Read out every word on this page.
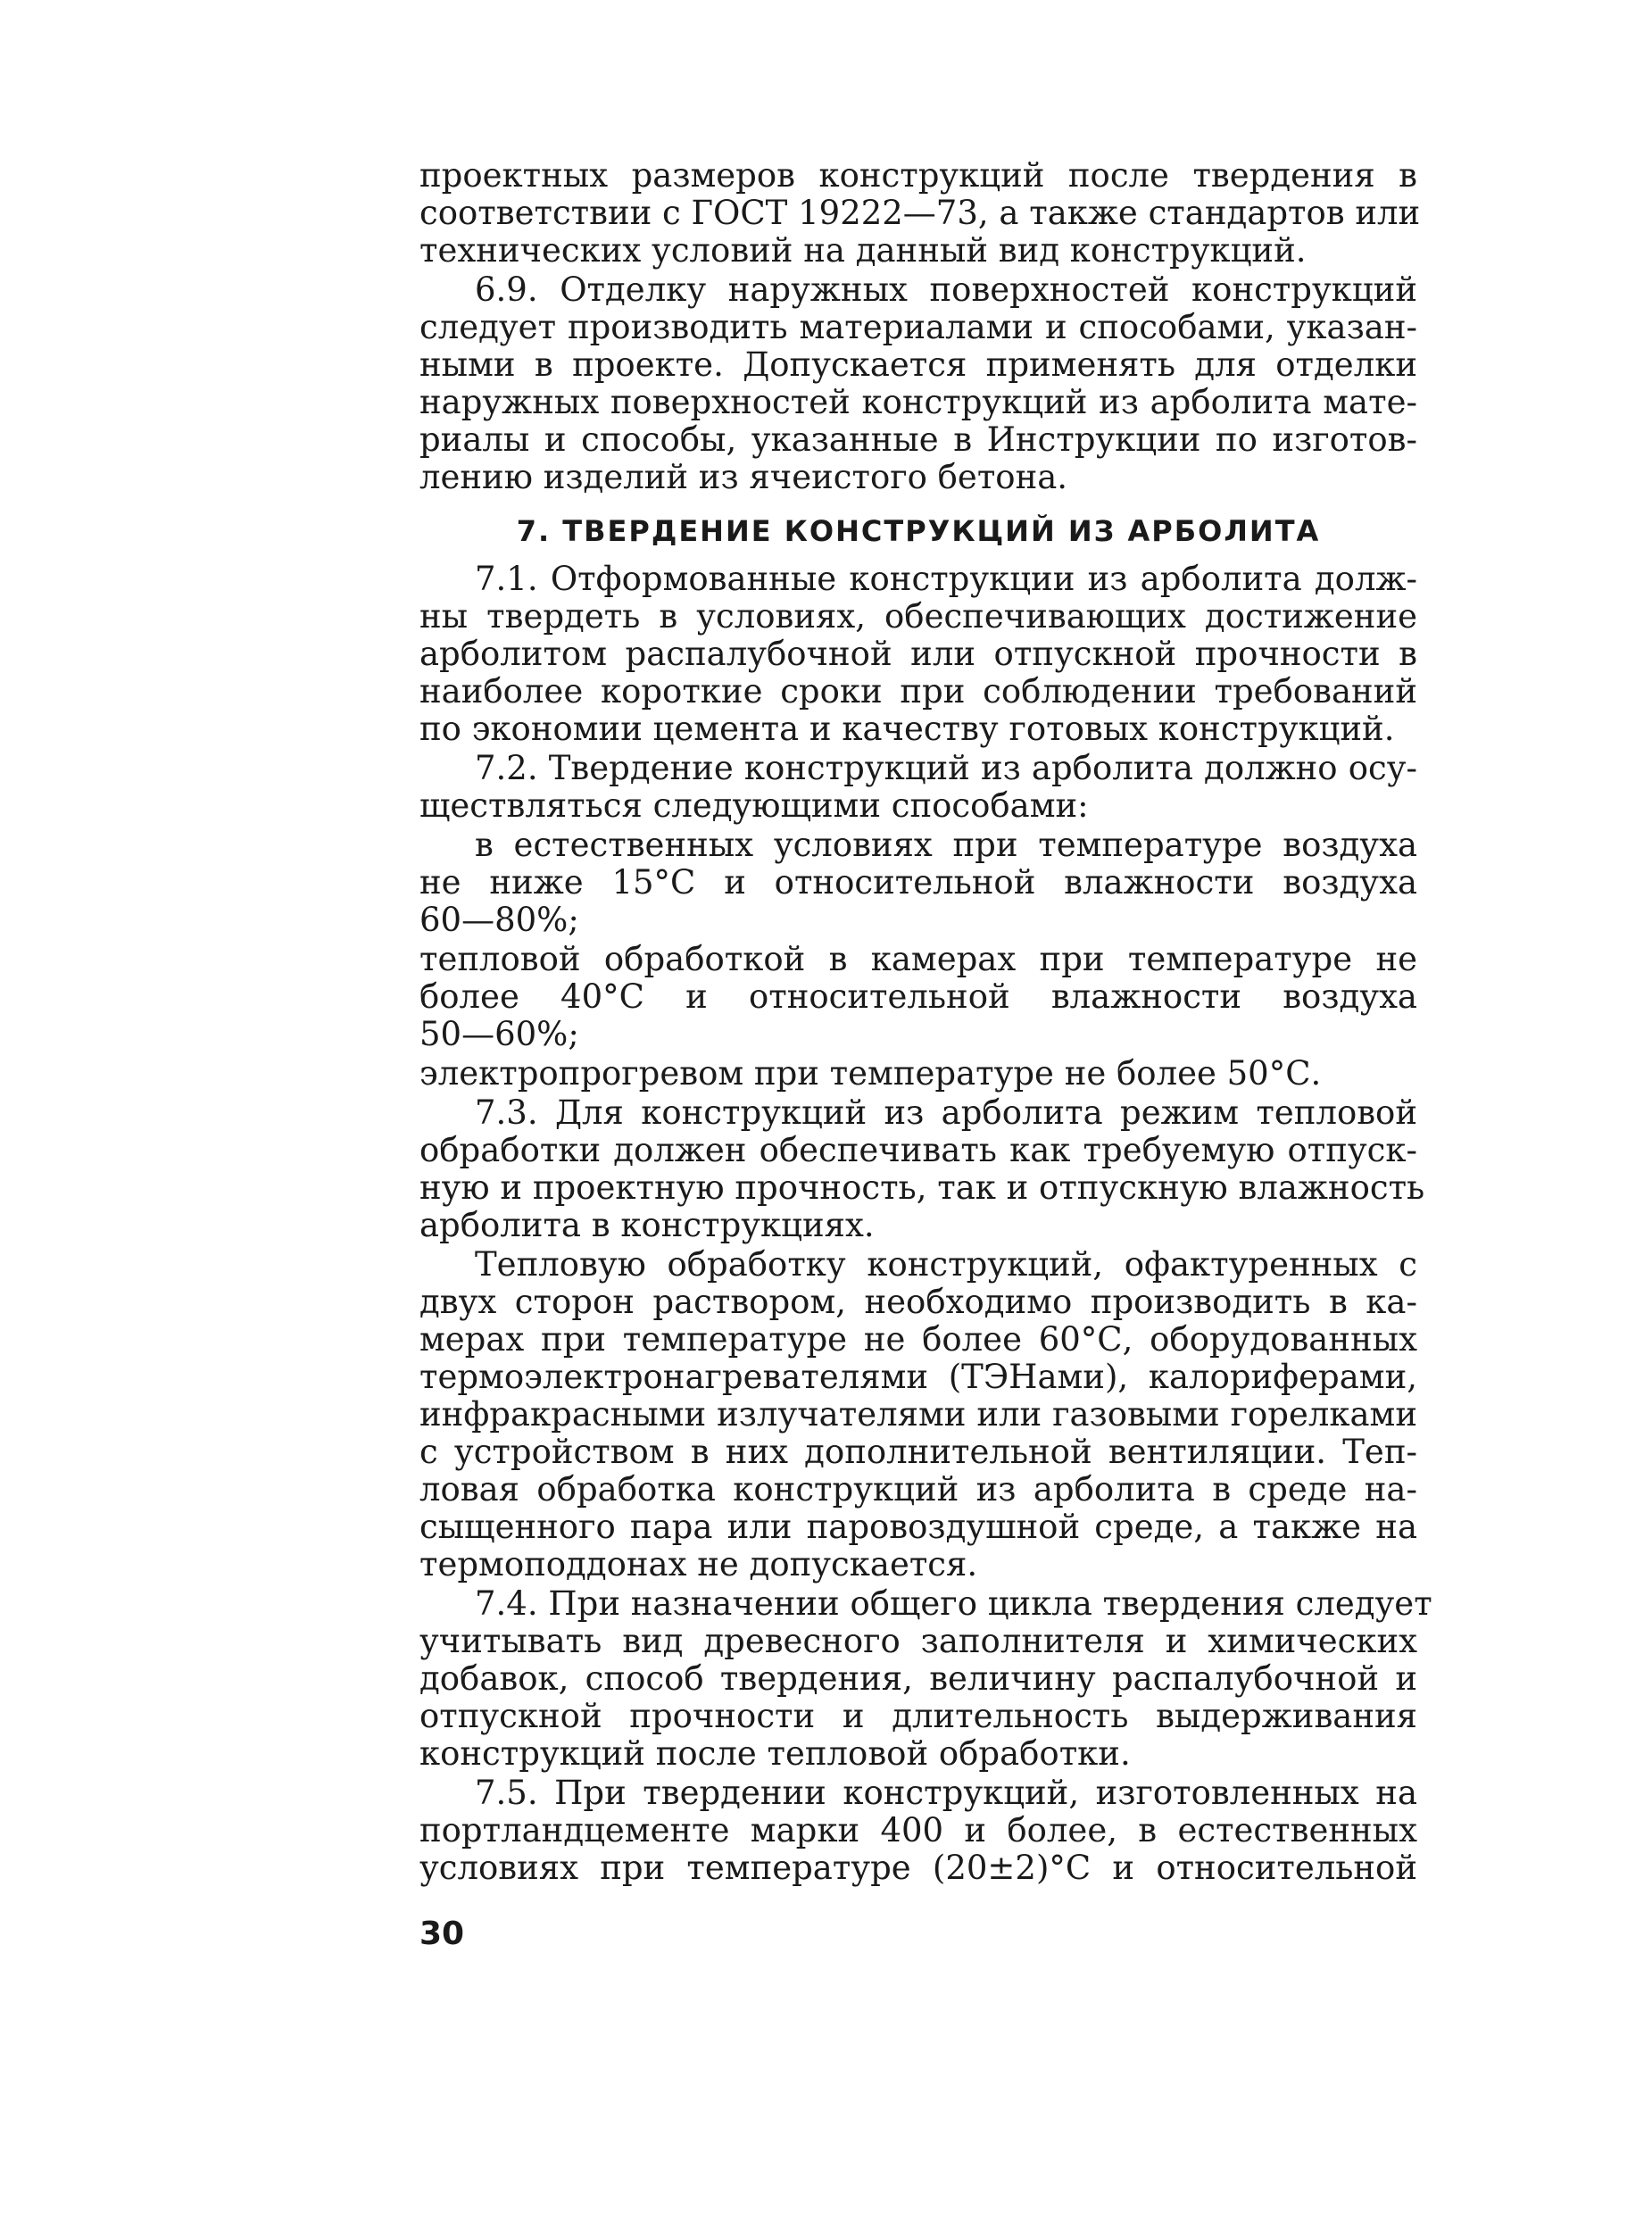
проектных размеров конструкций после твердения в
соответствии с ГОСТ 19222—73, а также стандартов или
технических условий на данный вид конструкций.
6.9. Отделку наружных поверхностей конструкций
следует производить материалами и способами, указан-
ными в проекте. Допускается применять для отделки
наружных поверхностей конструкций из арболита мате-
риалы и способы, указанные в Инструкции по изготов-
лению изделий из ячеистого бетона.
7. ТВЕРДЕНИЕ КОНСТРУКЦИЙ ИЗ АРБОЛИТА
7.1. Отформованные конструкции из арболита долж-
ны твердеть в условиях, обеспечивающих достижение
арболитом распалубочной или отпускной прочности в
наиболее короткие сроки при соблюдении требований
по экономии цемента и качеству готовых конструкций.
7.2. Твердение конструкций из арболита должно осу-
ществляться следующими способами:
в естественных условиях при температуре воздуха
не ниже 15°С и относительной влажности воздуха
60—80%;
тепловой обработкой в камерах при температуре не
более 40°С и относительной влажности воздуха
50—60%;
электропрогревом при температуре не более 50°С.
7.3. Для конструкций из арболита режим тепловой
обработки должен обеспечивать как требуемую отпуск-
ную и проектную прочность, так и отпускную влажность
арболита в конструкциях.
Тепловую обработку конструкций, офактуренных с
двух сторон раствором, необходимо производить в ка-
мерах при температуре не более 60°С, оборудованных
термоэлектронагревателями (ТЭНами), калориферами,
инфракрасными излучателями или газовыми горелками
с устройством в них дополнительной вентиляции. Теп-
ловая обработка конструкций из арболита в среде на-
сыщенного пара или паровоздушной среде, а также на
термоподдонах не допускается.
7.4. При назначении общего цикла твердения следует
учитывать вид древесного заполнителя и химических
добавок, способ твердения, величину распалубочной и
отпускной прочности и длительность выдерживания
конструкций после тепловой обработки.
7.5. При твердении конструкций, изготовленных на
портландцементе марки 400 и более, в естественных
условиях при температуре (20±2)°С и относительной
30
